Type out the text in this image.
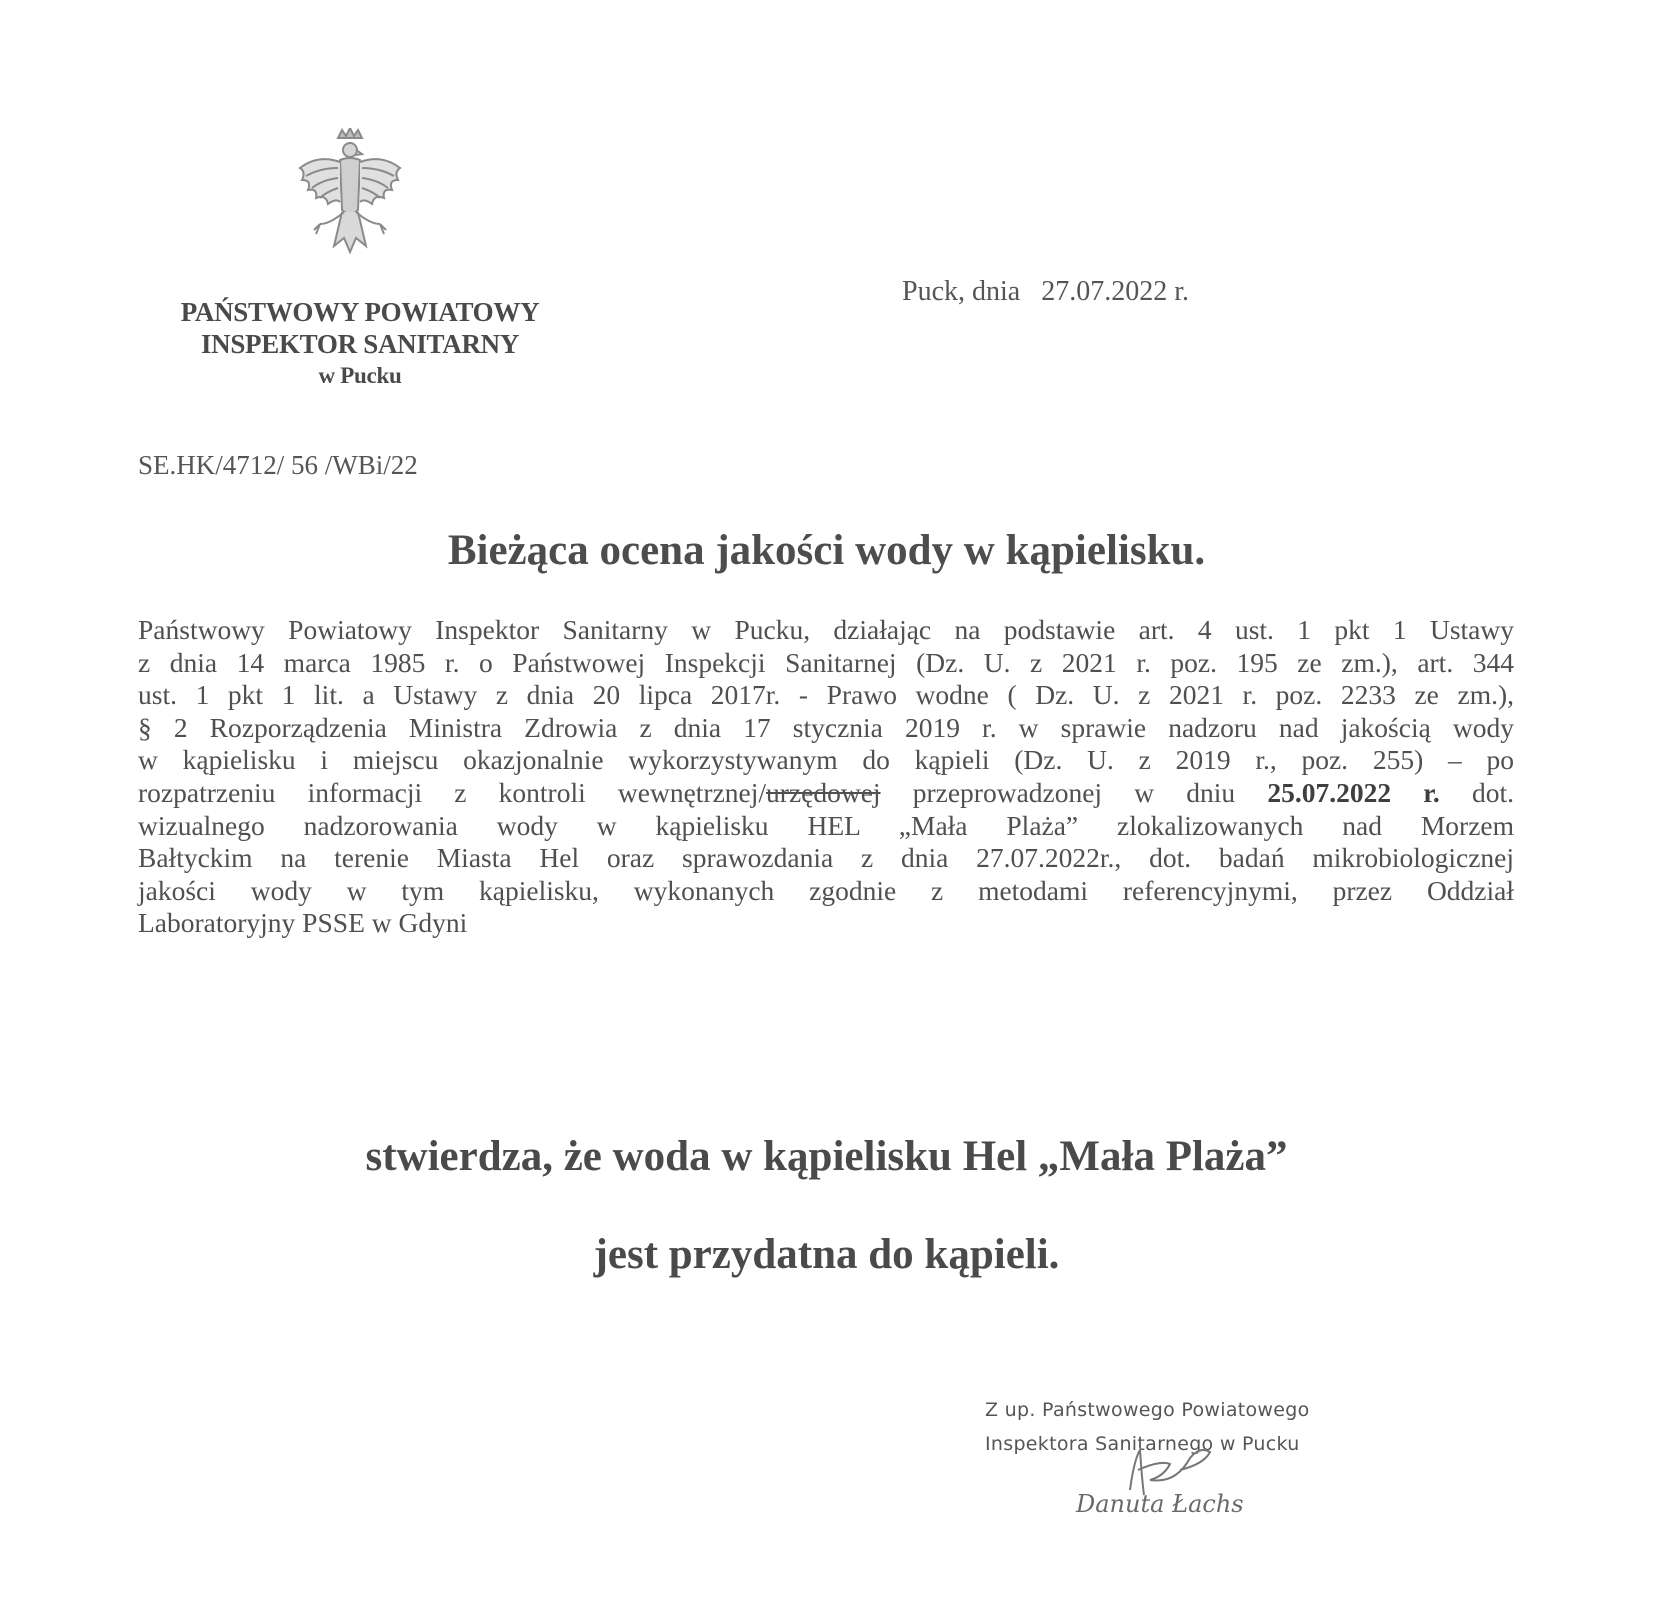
PAŃSTWOWY POWIATOWY
INSPEKTOR SANITARNY
w Pucku
Puck, dnia   27.07.2022 r.
SE.HK/4712/ 56 /WBi/22
Bieżąca ocena jakości wody w kąpielisku.
Państwowy Powiatowy Inspektor Sanitarny w Pucku, działając na podstawie art. 4 ust. 1 pkt 1 Ustawy
z dnia 14 marca 1985 r. o Państwowej Inspekcji Sanitarnej (Dz. U. z 2021 r. poz. 195 ze zm.), art. 344
ust. 1 pkt 1 lit. a Ustawy z dnia 20 lipca 2017r. - Prawo wodne ( Dz. U. z 2021 r. poz. 2233 ze zm.),
§ 2 Rozporządzenia Ministra Zdrowia z dnia 17 stycznia 2019 r. w sprawie nadzoru nad jakością wody
w kąpielisku i miejscu okazjonalnie wykorzystywanym do kąpieli (Dz. U. z 2019 r., poz. 255) – po
rozpatrzeniu informacji z kontroli wewnętrznej/urzędowej przeprowadzonej w dniu 25.07.2022 r. dot.
wizualnego nadzorowania wody w kąpielisku HEL „Mała Plaża” zlokalizowanych nad Morzem
Bałtyckim na terenie Miasta Hel oraz sprawozdania z dnia 27.07.2022r., dot. badań mikrobiologicznej
jakości wody w tym kąpielisku, wykonanych zgodnie z metodami referencyjnymi, przez Oddział
Laboratoryjny PSSE w Gdyni
stwierdza, że woda w kąpielisku Hel „Mała Plaża”
jest przydatna do kąpieli.
Z up. Państwowego Powiatowego
Inspektora Sanitarnego w Pucku
Danuta Łachs
